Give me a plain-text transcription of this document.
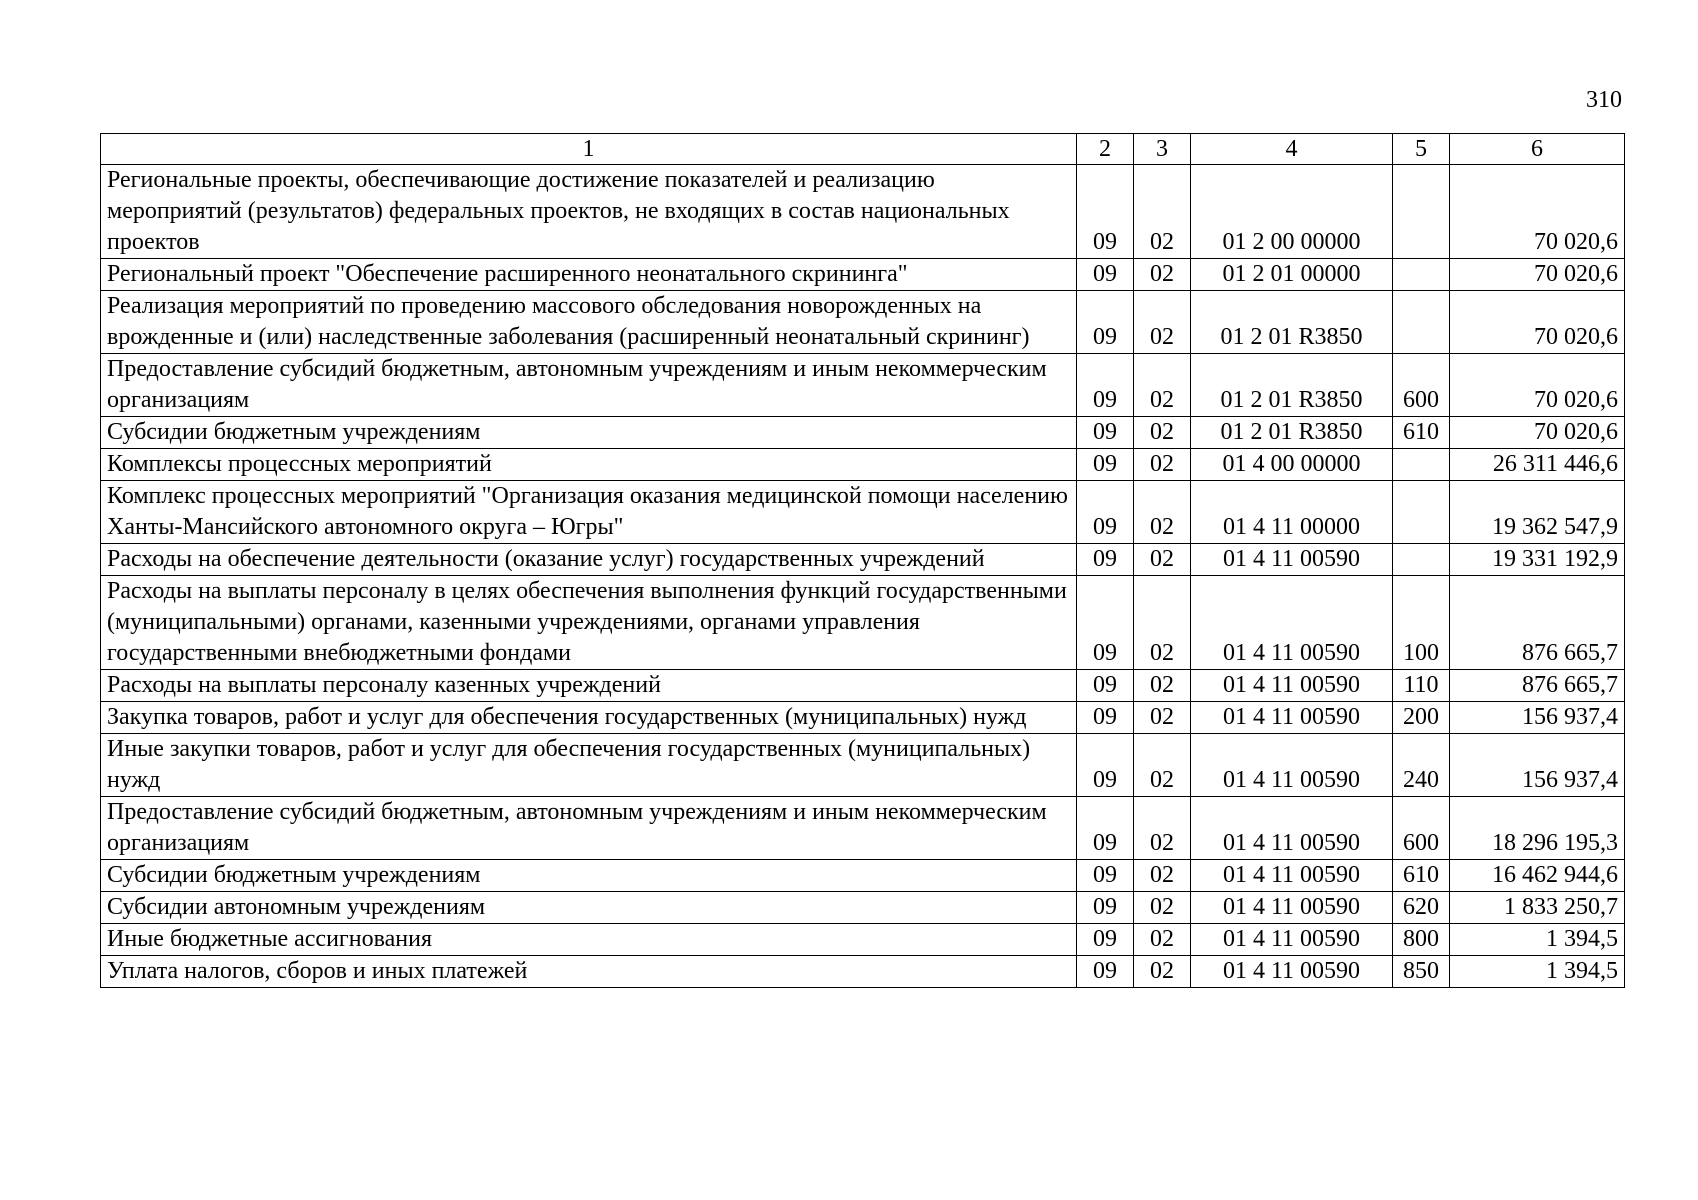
310
1	2	3	4	5	6
Региональные проекты, обеспечивающие достижение показателей и реализацию мероприятий (результатов) федеральных проектов, не входящих в состав национальных проектов	09	02	01 2 00 00000		70 020,6
Региональный проект "Обеспечение расширенного неонатального скрининга"	09	02	01 2 01 00000		70 020,6
Реализация мероприятий по проведению массового обследования новорожденных на врожденные и (или) наследственные заболевания (расширенный неонатальный скрининг)	09	02	01 2 01 R3850		70 020,6
Предоставление субсидий бюджетным, автономным учреждениям и иным некоммерческим организациям	09	02	01 2 01 R3850	600	70 020,6
Субсидии бюджетным учреждениям	09	02	01 2 01 R3850	610	70 020,6
Комплексы процессных мероприятий	09	02	01 4 00 00000		26 311 446,6
Комплекс процессных мероприятий "Организация оказания медицинской помощи населению Ханты-Мансийского автономного округа – Югры"	09	02	01 4 11 00000		19 362 547,9
Расходы на обеспечение деятельности (оказание услуг) государственных учреждений	09	02	01 4 11 00590		19 331 192,9
Расходы на выплаты персоналу в целях обеспечения выполнения функций государственными (муниципальными) органами, казенными учреждениями, органами управления государственными внебюджетными фондами	09	02	01 4 11 00590	100	876 665,7
Расходы на выплаты персоналу казенных учреждений	09	02	01 4 11 00590	110	876 665,7
Закупка товаров, работ и услуг для обеспечения государственных (муниципальных) нужд	09	02	01 4 11 00590	200	156 937,4
Иные закупки товаров, работ и услуг для обеспечения государственных (муниципальных) нужд	09	02	01 4 11 00590	240	156 937,4
Предоставление субсидий бюджетным, автономным учреждениям и иным некоммерческим организациям	09	02	01 4 11 00590	600	18 296 195,3
Субсидии бюджетным учреждениям	09	02	01 4 11 00590	610	16 462 944,6
Субсидии автономным учреждениям	09	02	01 4 11 00590	620	1 833 250,7
Иные бюджетные ассигнования	09	02	01 4 11 00590	800	1 394,5
Уплата налогов, сборов и иных платежей	09	02	01 4 11 00590	850	1 394,5
